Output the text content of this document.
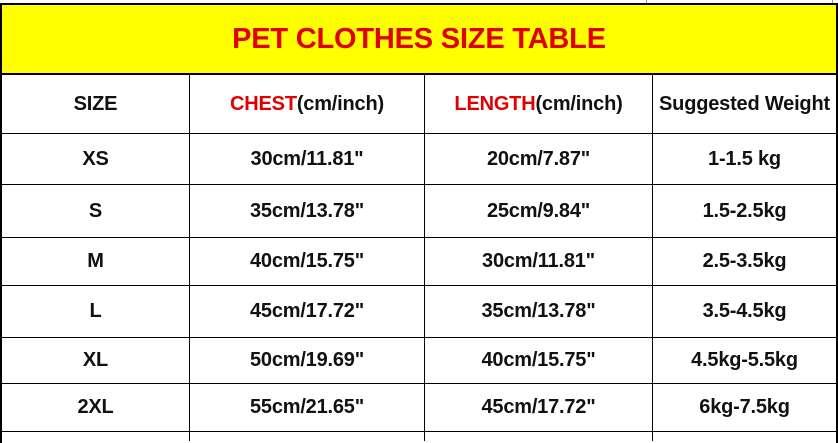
PET CLOTHES SIZE TABLE
SIZE	CHEST (cm/inch)	LENGTH (cm/inch)	Suggested Weight
XS	30cm/11.81"	20cm/7.87"	1-1.5 kg
S	35cm/13.78"	25cm/9.84"	1.5-2.5kg
M	40cm/15.75"	30cm/11.81"	2.5-3.5kg
L	45cm/17.72"	35cm/13.78"	3.5-4.5kg
XL	50cm/19.69"	40cm/15.75"	4.5kg-5.5kg
2XL	55cm/21.65"	45cm/17.72"	6kg-7.5kg
